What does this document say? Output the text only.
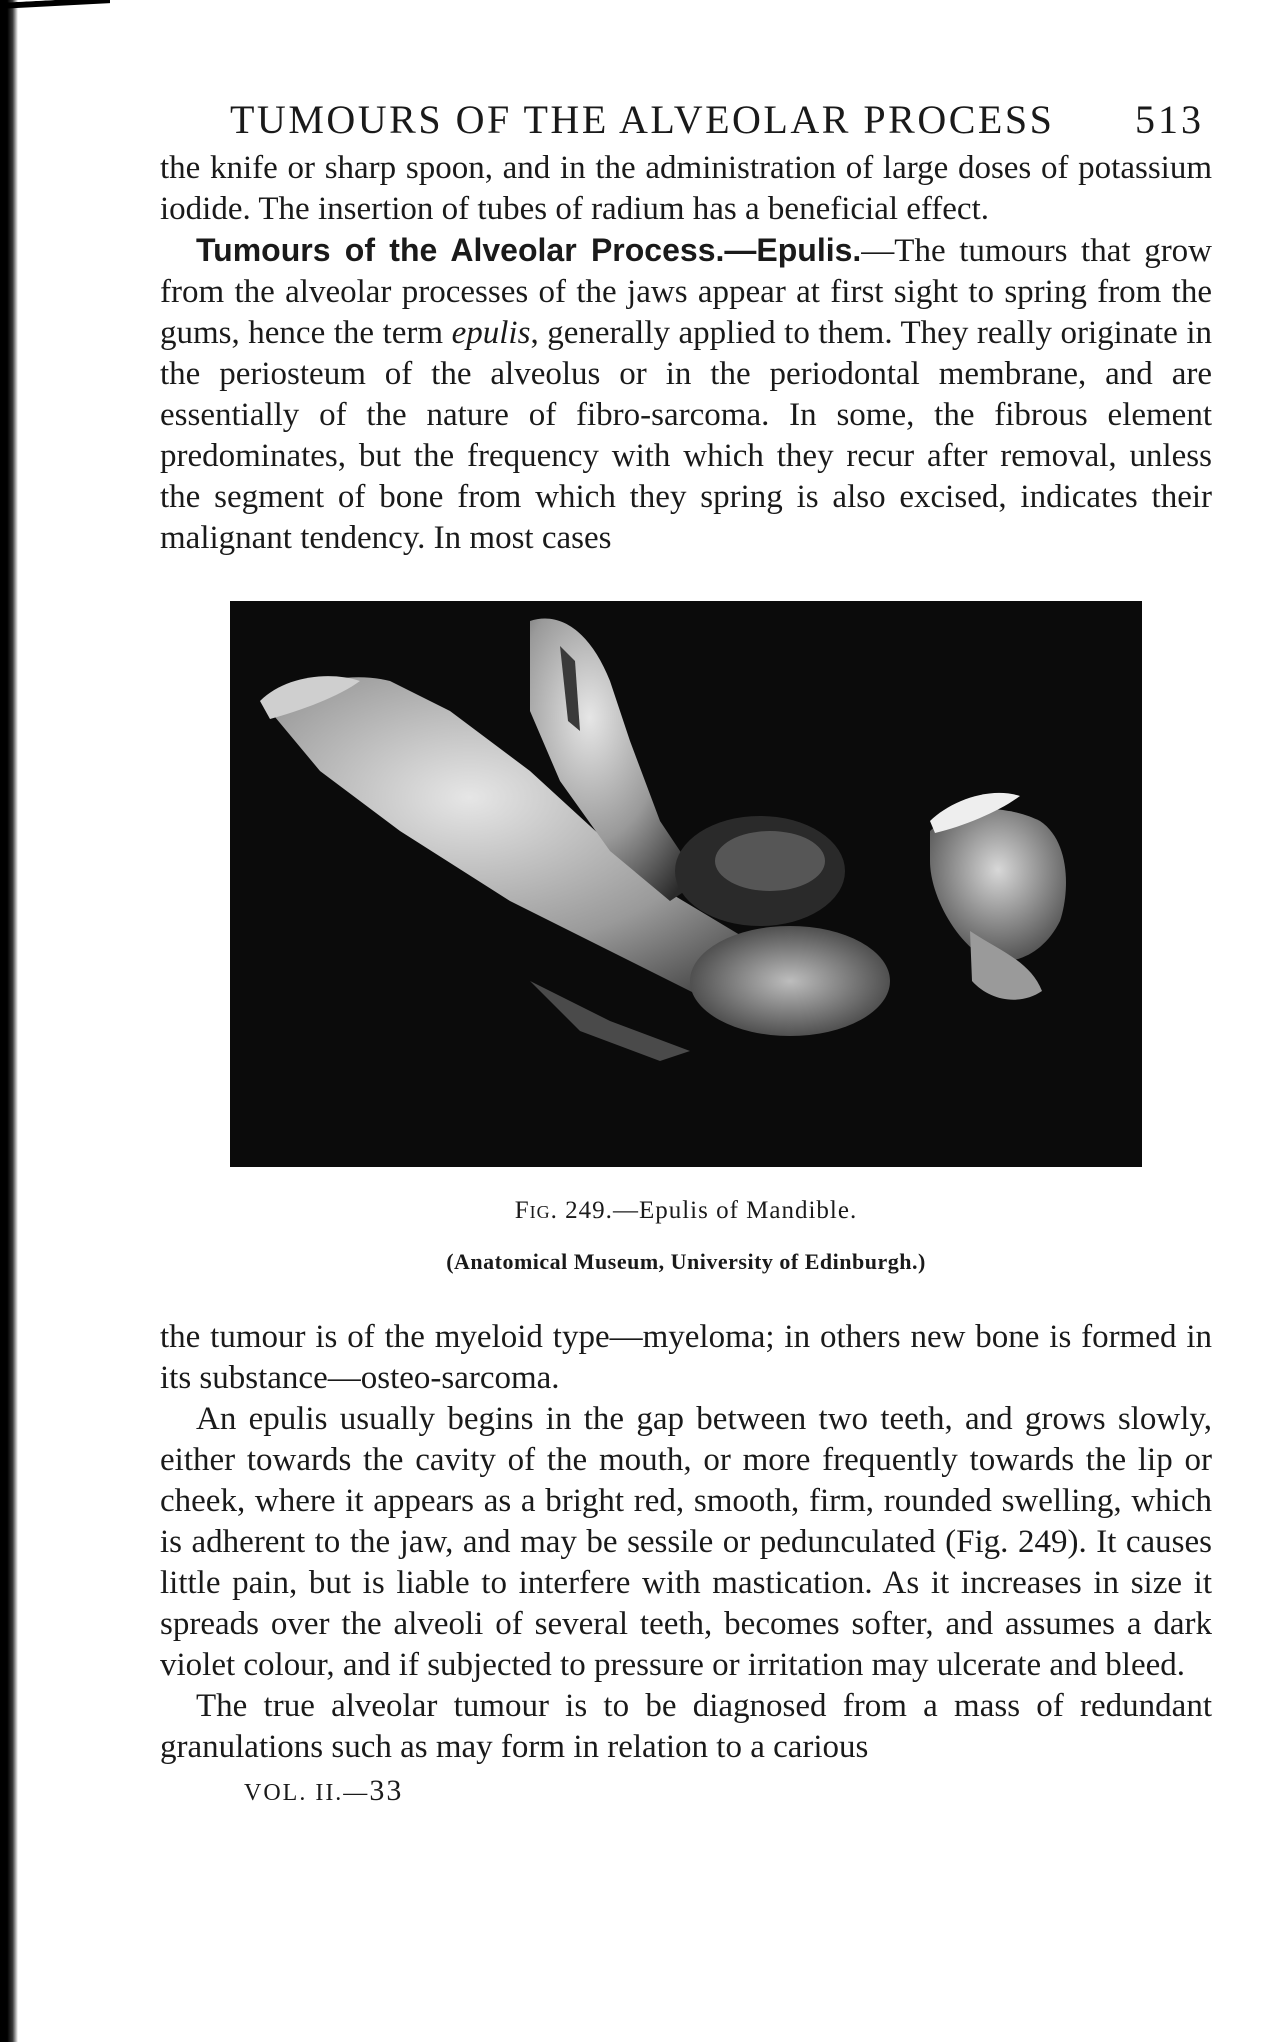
TUMOURS OF THE ALVEOLAR PROCESS 513

the knife or sharp spoon, and in the administration of large doses of potassium iodide. The insertion of tubes of radium has a beneficial effect.

Tumours of the Alveolar Process.—Epulis.—The tumours that grow from the alveolar processes of the jaws appear at first sight to spring from the gums, hence the term epulis, generally applied to them. They really originate in the periosteum of the alveolus or in the periodontal membrane, and are essentially of the nature of fibro-sarcoma. In some, the fibrous element predominates, but the frequency with which they recur after removal, unless the segment of bone from which they spring is also excised, indicates their malignant tendency. In most cases

Fig. 249.—Epulis of Mandible.
(Anatomical Museum, University of Edinburgh.)

the tumour is of the myeloid type—myeloma; in others new bone is formed in its substance—osteo-sarcoma.

An epulis usually begins in the gap between two teeth, and grows slowly, either towards the cavity of the mouth, or more frequently towards the lip or cheek, where it appears as a bright red, smooth, firm, rounded swelling, which is adherent to the jaw, and may be sessile or pedunculated (Fig. 249). It causes little pain, but is liable to interfere with mastication. As it increases in size it spreads over the alveoli of several teeth, becomes softer, and assumes a dark violet colour, and if subjected to pressure or irritation may ulcerate and bleed.

The true alveolar tumour is to be diagnosed from a mass of redundant granulations such as may form in relation to a carious

VOL. II.—33
